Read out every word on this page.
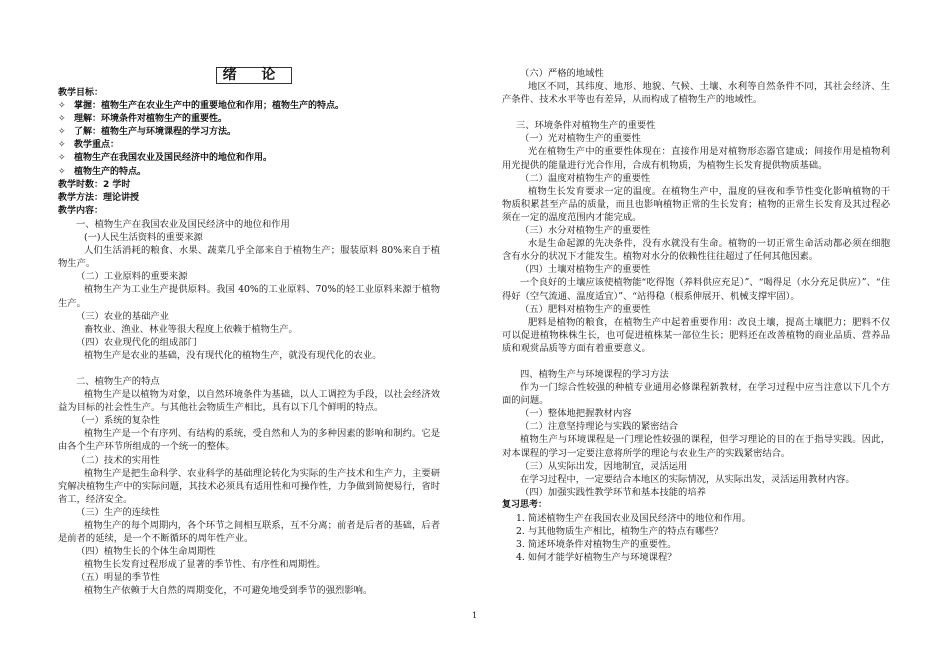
绪 论
教学目标：
✧ 掌握：植物生产在农业生产中的重要地位和作用；植物生产的特点。
✧ 理解：环境条件对植物生产的重要性。
✧ 了解：植物生产与环境课程的学习方法。
✧ 教学重点：
✧ 植物生产在我国农业及国民经济中的地位和作用。
✧ 植物生产的特点。
教学时数：2 学时
教学方法：理论讲授
教学内容：
一、植物生产在我国农业及国民经济中的地位和作用
(一)人民生活资料的重要来源
人们生活消耗的粮食、水果、蔬菜几乎全部来自于植物生产；服装原料 80%来自于植物生产。
（二）工业原料的重要来源
植物生产为工业生产提供原料。我国 40%的工业原料、70%的轻工业原料来源于植物生产。
（三）农业的基础产业
畜牧业、渔业、林业等很大程度上依赖于植物生产。
（四）农业现代化的组成部门
植物生产是农业的基础，没有现代化的植物生产，就没有现代化的农业。
二、植物生产的特点
植物生产是以植物为对象，以自然环境条件为基础，以人工调控为手段，以社会经济效益为目标的社会性生产。与其他社会物质生产相比，具有以下几个鲜明的特点。
（一）系统的复杂性
植物生产是一个有序列、有结构的系统，受自然和人为的多种因素的影响和制约。它是由各个生产环节所组成的一个统一的整体。
（二）技术的实用性
植物生产是把生命科学、农业科学的基础理论转化为实际的生产技术和生产力，主要研究解决植物生产中的实际问题，其技术必须具有适用性和可操作性，力争做到简便易行，省时省工，经济安全。
（三）生产的连续性
植物生产的每个周期内，各个环节之间相互联系，互不分离；前者是后者的基础，后者是前者的延续，是一个不断循环的周年性产业。
（四）植物生长的个体生命周期性
植物生长发育过程形成了显著的季节性、有序性和周期性。
（五）明显的季节性
植物生产依赖于大自然的周期变化，不可避免地受到季节的强烈影响。
（六）严格的地域性
地区不同，其纬度、地形、地貌、气候、土壤、水利等自然条件不同，其社会经济、生产条件、技术水平等也有差异，从而构成了植物生产的地域性。
三、环境条件对植物生产的重要性
（一）光对植物生产的重要性
光在植物生产中的重要性体现在：直接作用是对植物形态器官建成；间接作用是植物利用光提供的能量进行光合作用，合成有机物质，为植物生长发育提供物质基础。
（二）温度对植物生产的重要性
植物生长发育要求一定的温度。在植物生产中，温度的昼夜和季节性变化影响植物的干物质积累甚至产品的质量，而且也影响植物正常的生长发育；植物的正常生长发育及其过程必须在一定的温度范围内才能完成。
（三）水分对植物生产的重要性
水是生命起源的先决条件，没有水就没有生命。植物的一切正常生命活动都必须在细胞含有水分的状况下才能发生。植物对水分的依赖性往往超过了任何其他因素。
（四）土壤对植物生产的重要性
一个良好的土壤应该使植物能“吃得饱（养料供应充足）”、“喝得足（水分充足供应）”、“住得好（空气流通、温度适宜）”、“站得稳（根系伸展开、机械支撑牢固）。
（五）肥料对植物生产的重要性
肥料是植物的粮食，在植物生产中起着重要作用：改良土壤，提高土壤肥力；肥料不仅可以促进植物株株生长，也可促进植株某一部位生长；肥料还在改善植物的商业品质、营养品质和观赏品质等方面有着重要意义。
四、植物生产与环境课程的学习方法
作为一门综合性较强的种植专业通用必修课程新教材，在学习过程中应当注意以下几个方面的问题。
（一）整体地把握教材内容
（二）注意坚持理论与实践的紧密结合
植物生产与环境课程是一门理论性较强的课程，但学习理论的目的在于指导实践。因此，对本课程的学习一定要注意将所学的理论与农业生产的实践紧密结合。
（三）从实际出发，因地制宜，灵活运用
在学习过程中，一定要结合本地区的实际情况，从实际出发，灵活运用教材内容。
（四）加强实践性教学环节和基本技能的培养
复习思考：
1. 简述植物生产在我国农业及国民经济中的地位和作用。
2. 与其他物质生产相比，植物生产的特点有哪些？
3. 简述环境条件对植物生产的重要性。
4. 如何才能学好植物生产与环境课程？
1
